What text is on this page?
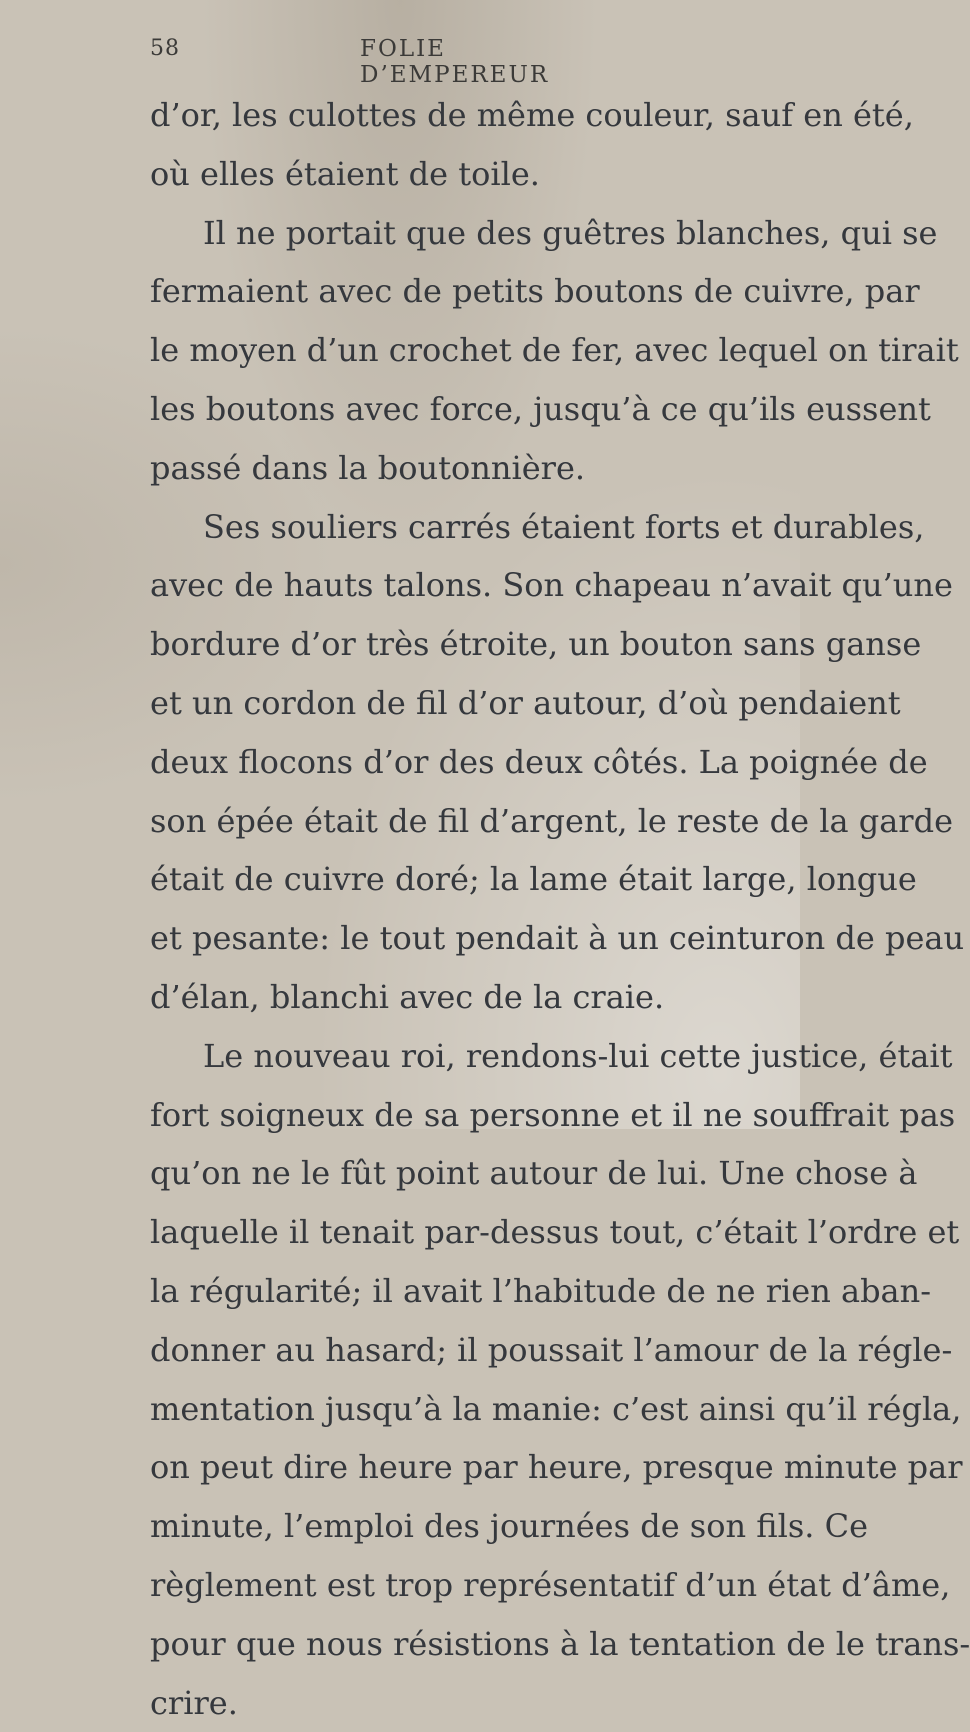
58	FOLIE D’EMPEREUR
d’or, les culottes de même couleur, sauf en été,
où elles étaient de toile.
Il ne portait que des guêtres blanches, qui se
fermaient avec de petits boutons de cuivre, par
le moyen d’un crochet de fer, avec lequel on tirait
les boutons avec force, jusqu’à ce qu’ils eussent
passé dans la boutonnière.
Ses souliers carrés étaient forts et durables,
avec de hauts talons. Son chapeau n’avait qu’une
bordure d’or très étroite, un bouton sans ganse
et un cordon de fil d’or autour, d’où pendaient
deux flocons d’or des deux côtés. La poignée de
son épée était de fil d’argent, le reste de la garde
était de cuivre doré; la lame était large, longue
et pesante: le tout pendait à un ceinturon de peau
d’élan, blanchi avec de la craie.
Le nouveau roi, rendons-lui cette justice, était
fort soigneux de sa personne et il ne souffrait pas
qu’on ne le fût point autour de lui. Une chose à
laquelle il tenait par-dessus tout, c’était l’ordre et
la régularité; il avait l’habitude de ne rien aban-
donner au hasard; il poussait l’amour de la régle-
mentation jusqu’à la manie: c’est ainsi qu’il régla,
on peut dire heure par heure, presque minute par
minute, l’emploi des journées de son fils. Ce
règlement est trop représentatif d’un état d’âme,
pour que nous résistions à la tentation de le trans-
crire.
